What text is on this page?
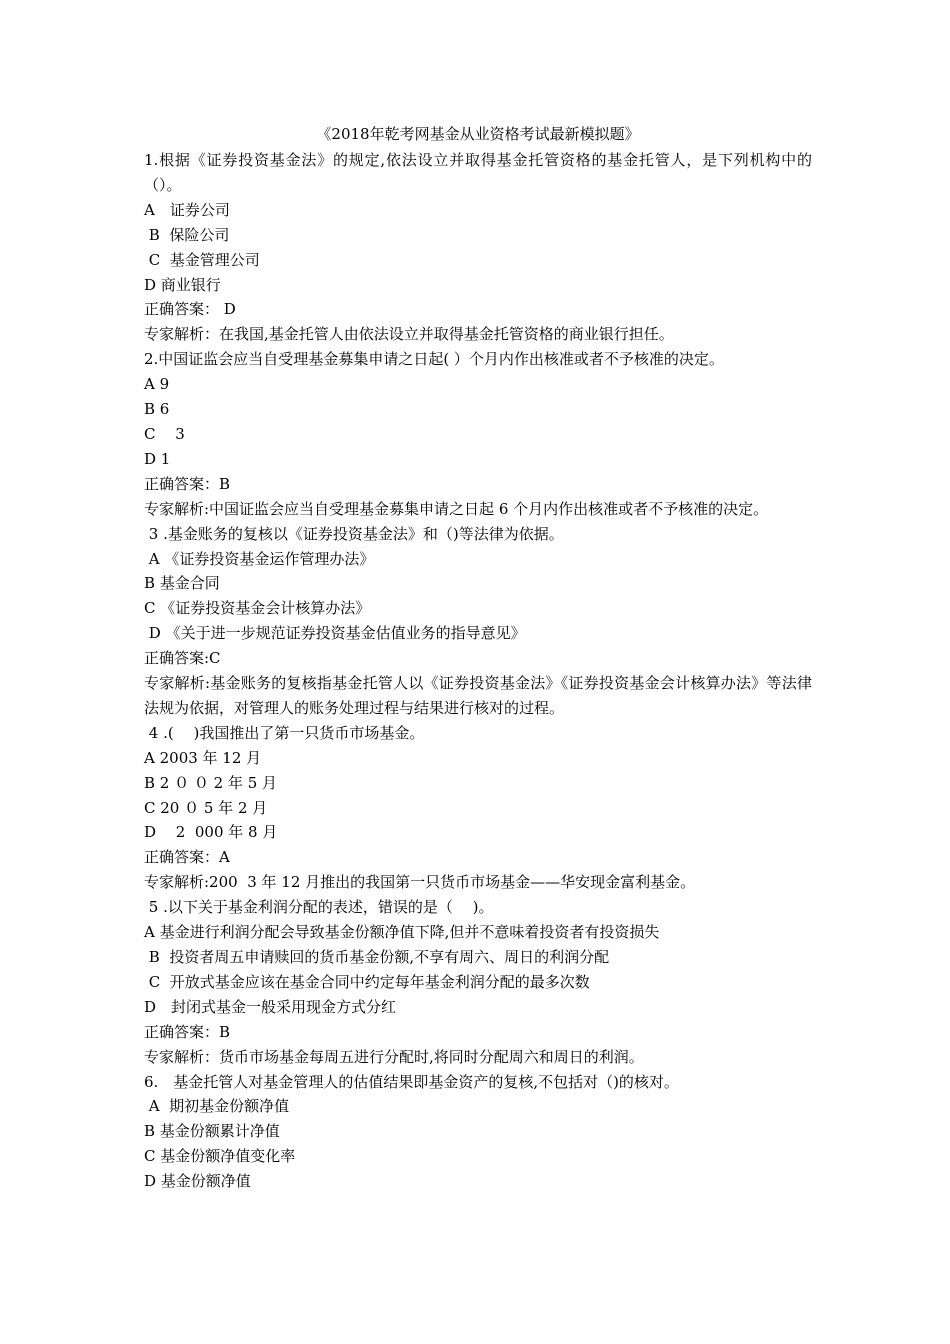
《2018年乾考网基金从业资格考试最新模拟题》
1.根据《证券投资基金法》的规定,依法设立并取得基金托管资格的基金托管人，是下列机构中的（）。
A　证券公司
B  保险公司
C  基金管理公司
D 商业银行
正确答案： D
专家解析：在我国,基金托管人由依法设立并取得基金托管资格的商业银行担任。
2.中国证监会应当自受理基金募集申请之日起( ）个月内作出核准或者不予核准的决定。
A 9
B 6
C　 3
D 1
正确答案：B
专家解析:中国证监会应当自受理基金募集申请之日起 6 个月内作出核准或者不予核准的决定。
3 .基金账务的复核以《证券投资基金法》和（)等法律为依据。
A 《证券投资基金运作管理办法》
B 基金合同
C 《证券投资基金会计核算办法》
D 《关于进一步规范证券投资基金估值业务的指导意见》
正确答案:C
专家解析:基金账务的复核指基金托管人以《证券投资基金法》《证券投资基金会计核算办法》等法律法规为依据，对管理人的账务处理过程与结果进行核对的过程。
4 .(　 )我国推出了第一只货币市场基金。
A 2003 年 12 月
B 2 ０ ０ 2 年 5 月
C 20 ０ 5 年 2 月
D　 2  000 年 8 月
正确答案：A
专家解析:200  3 年 12 月推出的我国第一只货币市场基金——华安现金富利基金。
5 .以下关于基金利润分配的表述，错误的是（　 )。
A 基金进行利润分配会导致基金份额净值下降,但并不意味着投资者有投资损失
B  投资者周五申请赎回的货币基金份额,不享有周六、周日的利润分配
C  开放式基金应该在基金合同中约定每年基金利润分配的最多次数
D　封闭式基金一般采用现金方式分红
正确答案：B
专家解析：货币市场基金每周五进行分配时,将同时分配周六和周日的利润。
6.　基金托管人对基金管理人的估值结果即基金资产的复核,不包括对（)的核对。
A  期初基金份额净值
B 基金份额累计净值
C 基金份额净值变化率
D 基金份额净值
